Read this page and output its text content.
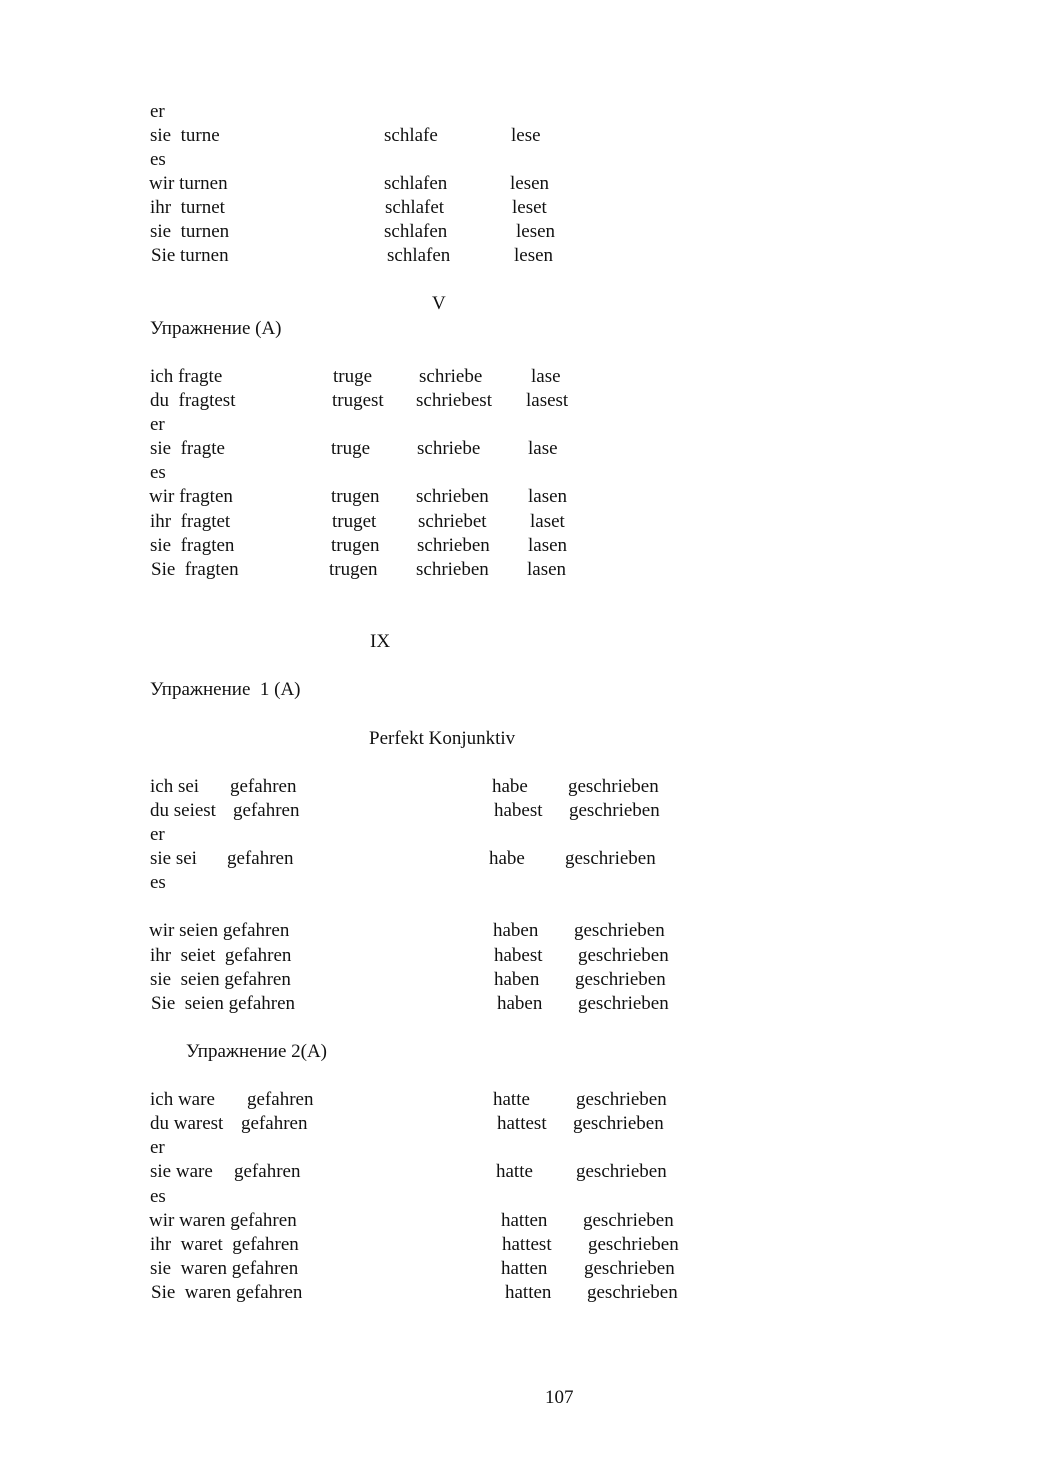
er
sie  turne	schlafe	lese
es
wir turnen	schlafen	lesen
ihr  turnet	schlafet	leset
sie  turnen	schlafen	lesen
Sie turnen	schlafen	lesen
V
Упражнение (А)
ich fragte	truge schriebe	lase
du  fragtest	trugest schriebest lasest
er
sie  fragte	truge schriebe	lase
es
wir fragten	trugen schrieben lasen
ihr  fragtet	truget schriebet laset
sie  fragten	trugen schrieben lasen
Sie  fragten	trugen schrieben lasen
IX
Упражнение  1 (А)
Perfekt Konjunktiv
ich sei gefahren	habe geschrieben
du seiest gefahren	habest geschrieben
er
sie sei gefahren	habe geschrieben
es
wir seien gefahren	haben geschrieben
ihr  seiet  gefahren	habest geschrieben
sie  seien gefahren	haben geschrieben
Sie  seien gefahren	haben geschrieben
Упражнение 2(А)
ich ware gefahren	hatte geschrieben
du warest gefahren	hattest geschrieben
er
sie ware gefahren	hatte geschrieben
es
wir waren gefahren	hatten geschrieben
ihr  waret  gefahren	hattest geschrieben
sie  waren gefahren	hatten geschrieben
Sie  waren gefahren	hatten geschrieben
107
